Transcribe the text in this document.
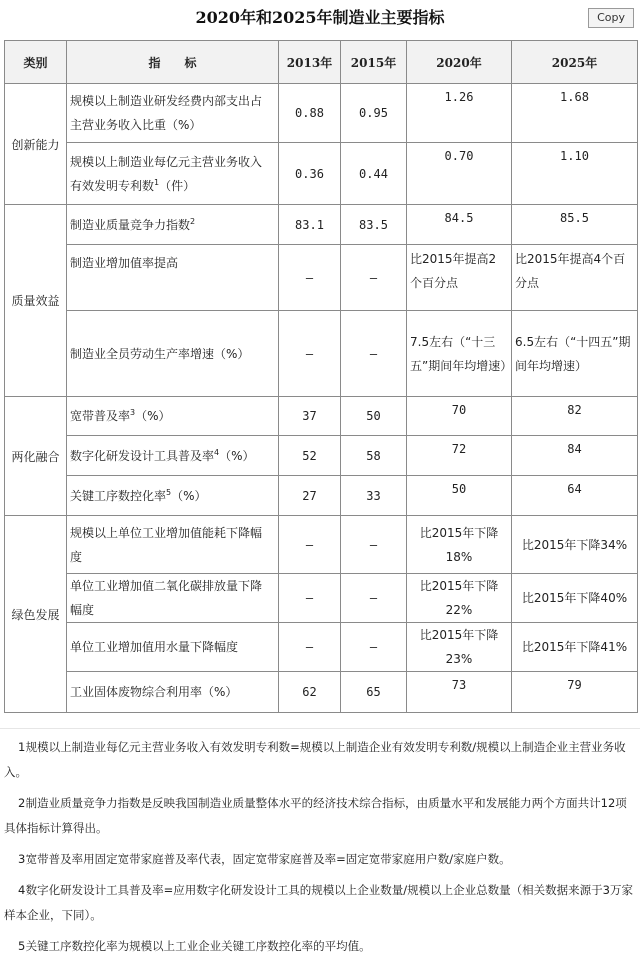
2020年和2025年制造业主要指标	Copy
类别	指　　标	2013年	2015年	2020年	2025年
创新能力	规模以上制造业研发经费内部支出占
主营业务收入比重（%）	0.88	0.95	1.26	1.68
	规模以上制造业每亿元主营业务收入
有效发明专利数$^1$（件）	0.36	0.44	0.70	1.10
质量效益	制造业质量竞争力指数$^2$	83.1	83.5	84.5	85.5
	制造业增加值率提高	–	–	比2015年提高2个百分点	比2015年提高4个百分点
	制造业全员劳动生产率增速（%）	–	–	7.5左右（“十三五”期间年均增速）	6.5左右（“十四五”期间年均增速）
两化融合	宽带普及率$^3$（%）	37	50	70	82
	数字化研发设计工具普及率$^4$（%）	52	58	72	84
	关键工序数控化率$^5$（%）	27	33	50	64
绿色发展	规模以上单位工业增加值能耗下降幅
度	–	–	比2015年下降18%	比2015年下降34%
	单位工业增加值二氧化碳排放量下降
幅度	–	–	比2015年下降22%	比2015年下降40%
	单位工业增加值用水量下降幅度	–	–	比2015年下降23%	比2015年下降41%
	工业固体废物综合利用率（%）	62	65	73	79
1 规模以上制造业每亿元主营业务收入有效发明专利数=规模以上制造企业有效发明专利数/规模以上制造企业主营业务收入。
2 制造业质量竞争力指数是反映我国制造业质量整体水平的经济技术综合指标，由质量水平和发展能力两个方面共计12项具体指标计算得出。
3 宽带普及率用固定宽带家庭普及率代表，固定宽带家庭普及率=固定宽带家庭用户数/家庭户数。
4 数字化研发设计工具普及率=应用数字化研发设计工具的规模以上企业数量/规模以上企业总数量（相关数据来源于3万家样本企业，下同）。
5 关键工序数控化率为规模以上工业企业关键工序数控化率的平均值。
